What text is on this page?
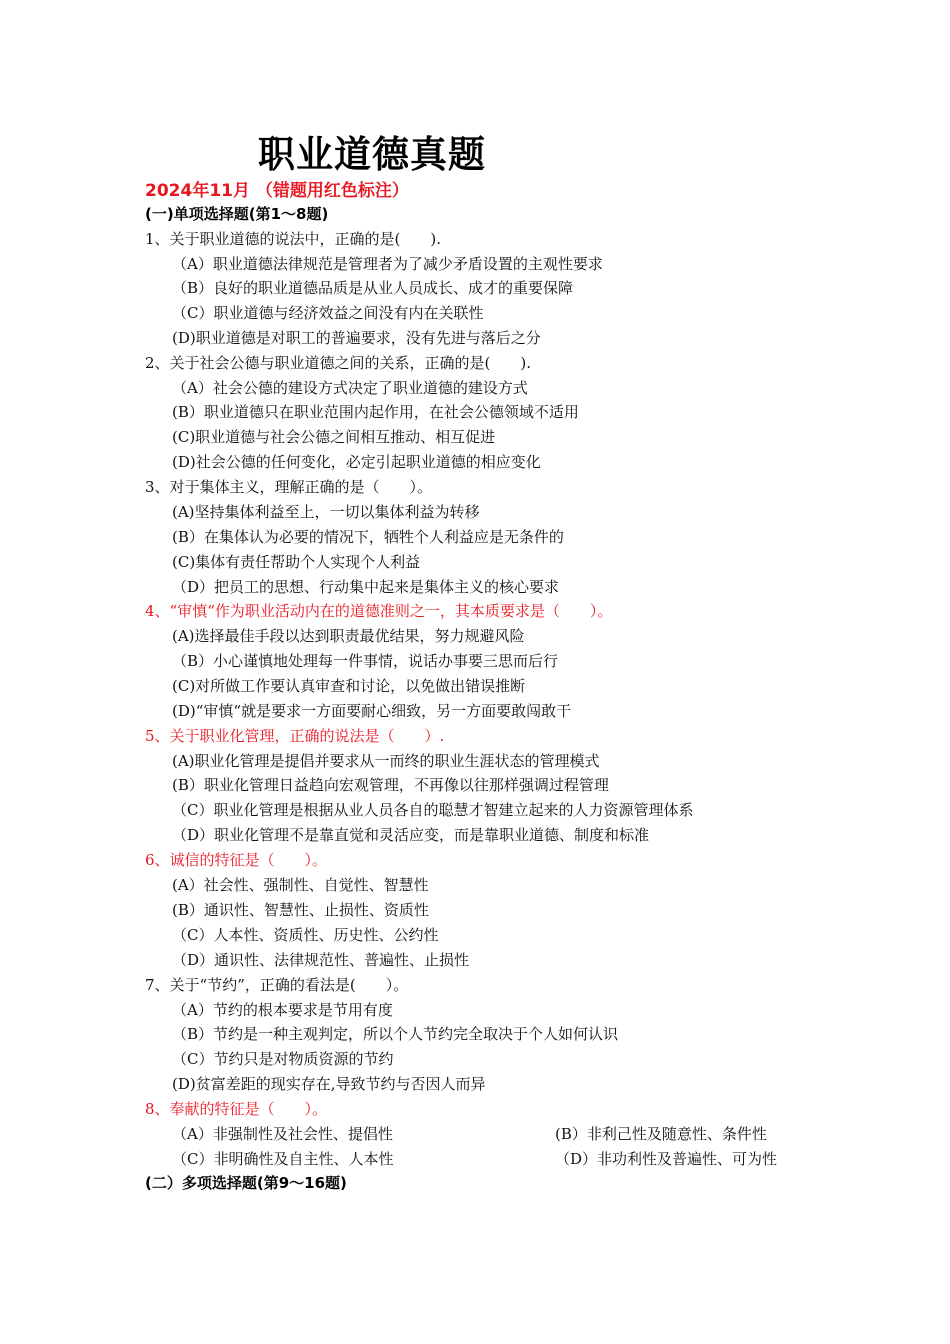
职业道德真题
2024年11月 （错题用红色标注）
(一)单项选择题(第1～8题)
1、关于职业道德的说法中，正确的是(　　).
（A）职业道德法律规范是管理者为了减少矛盾设置的主观性要求
（B）良好的职业道德品质是从业人员成长、成才的重要保障
（C）职业道德与经济效益之间没有内在关联性
(D)职业道德是对职工的普遍要求，没有先进与落后之分
2、关于社会公德与职业道德之间的关系，正确的是(　　).
（A）社会公德的建设方式决定了职业道德的建设方式
(B）职业道德只在职业范围内起作用，在社会公德领域不适用
(C)职业道德与社会公德之间相互推动、相互促进
(D)社会公德的任何变化，必定引起职业道德的相应变化
3、对于集体主义，理解正确的是（　　）。
(A)坚持集体利益至上，一切以集体利益为转移
(B）在集体认为必要的情况下，牺牲个人利益应是无条件的
(C)集体有责任帮助个人实现个人利益
（D）把员工的思想、行动集中起来是集体主义的核心要求
4、“审慎“作为职业活动内在的道德准则之一，其本质要求是（　　）。
(A)选择最佳手段以达到职责最优结果，努力规避风险
（B）小心谨慎地处理每一件事情，说话办事要三思而后行
(C)对所做工作要认真审查和讨论，以免做出错误推断
(D)“审慎“就是要求一方面要耐心细致，另一方面要敢闯敢干
5、关于职业化管理，正确的说法是（　　）.
(A)职业化管理是提倡并要求从一而终的职业生涯状态的管理模式
(B）职业化管理日益趋向宏观管理，不再像以往那样强调过程管理
（C）职业化管理是根据从业人员各自的聪慧才智建立起来的人力资源管理体系
（D）职业化管理不是靠直觉和灵活应变，而是靠职业道德、制度和标准
6、诚信的特征是（　　）。
(A）社会性、强制性、自觉性、智慧性
(B）通识性、智慧性、止损性、资质性
（C）人本性、资质性、历史性、公约性
（D）通识性、法律规范性、普遍性、止损性
7、关于“节约”，正确的看法是(　　）。
（A）节约的根本要求是节用有度
（B）节约是一种主观判定，所以个人节约完全取决于个人如何认识
（C）节约只是对物质资源的节约
(D)贫富差距的现实存在,导致节约与否因人而异
8、奉献的特征是（　　）。
（A）非强制性及社会性、提倡性	(B）非利己性及随意性、条件性
（C）非明确性及自主性、人本性	（D）非功利性及普遍性、可为性
(二）多项选择题(第9～16题)
